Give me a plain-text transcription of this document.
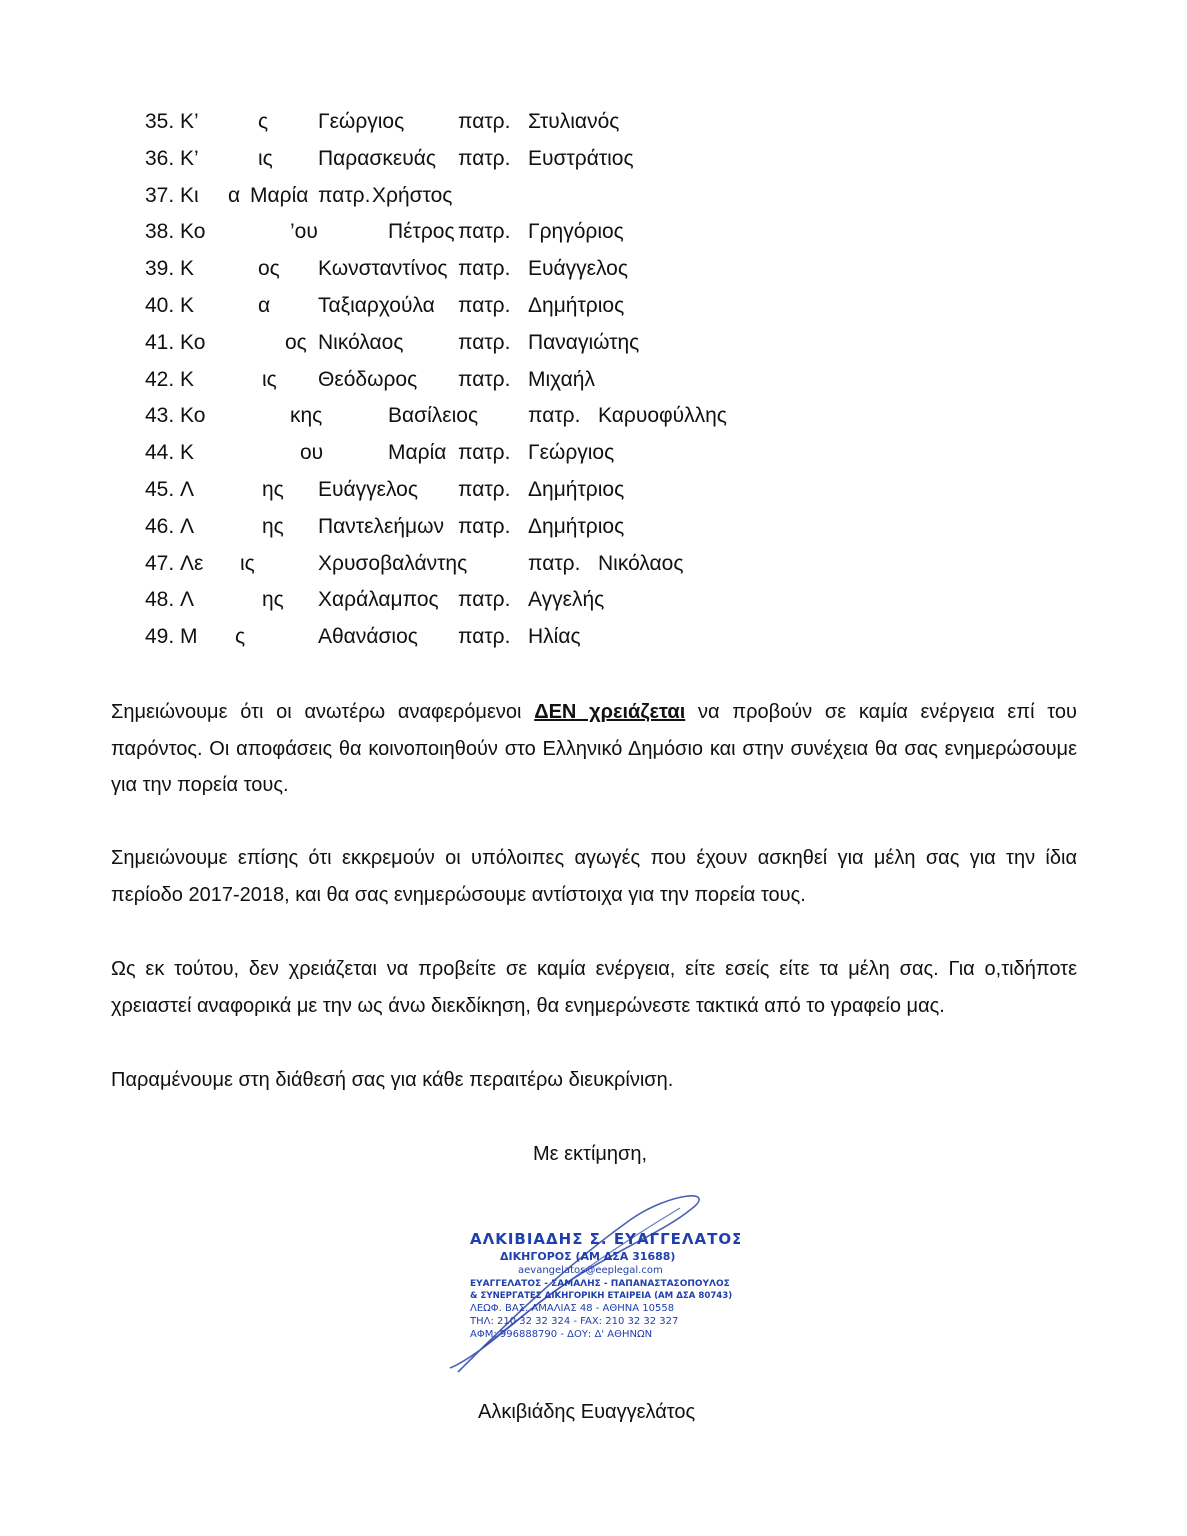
35. Κ’	ς Γεώργιος	πατρ. Στυλιανός
36. Κ’	ις Παρασκευάς πατρ. Ευστράτιος
37. Κι α Μαρία πατρ. Χρήστος
38. Κο	’ου	Πέτρος πατρ. Γρηγόριος
39. Κ	ος Κωνσταντίνος πατρ. Ευάγγελος
40. Κ	α Ταξιαρχούλα πατρ. Δημήτριος
41. Κο	ος Νικόλαος	πατρ. Παναγιώτης
42. Κ	ις Θεόδωρος πατρ. Μιχαήλ
43. Κο	κης	Βασίλειος πατρ. Καρυοφύλλης
44. Κ	ου	Μαρία πατρ. Γεώργιος
45. Λ	ης Ευάγγελος πατρ. Δημήτριος
46. Λ	ης Παντελεήμων πατρ. Δημήτριος
47. Λε ις	Χρυσοβαλάντης	πατρ. Νικόλαος
48. Λ	ης Χαράλαμπος πατρ. Αγγελής
49. Μ ς	Αθανάσιος πατρ. Ηλίας

Σημειώνουμε ότι οι ανωτέρω αναφερόμενοι ΔΕΝ χρειάζεται να προβούν σε καμία ενέργεια επί του παρόντος. Οι αποφάσεις θα κοινοποιηθούν στο Ελληνικό Δημόσιο και στην συνέχεια θα σας ενημερώσουμε για την πορεία τους.

Σημειώνουμε επίσης ότι εκκρεμούν οι υπόλοιπες αγωγές που έχουν ασκηθεί για μέλη σας για την ίδια περίοδο 2017-2018, και θα σας ενημερώσουμε αντίστοιχα για την πορεία τους.

Ως εκ τούτου, δεν χρειάζεται να προβείτε σε καμία ενέργεια, είτε εσείς είτε τα μέλη σας. Για ο,τιδήποτε χρειαστεί αναφορικά με την ως άνω διεκδίκηση, θα ενημερώνεστε τακτικά από το γραφείο μας.

Παραμένουμε στη διάθεσή σας για κάθε περαιτέρω διευκρίνιση.

Με εκτίμηση,
ΑΛΚΙΒΙΑΔΗΣ Σ. ΕΥΑΓΓΕΛΑΤΟΣ
ΔΙΚΗΓΟΡΟΣ (ΑΜ ΔΣΑ 31688)
aevangelatos@eeplegal.com
ΕΥΑΓΓΕΛΑΤΟΣ - ΣΑΜΑΛΗΣ - ΠΑΠΑΝΑΣΤΑΣΟΠΟΥΛΟΣ
& ΣΥΝΕΡΓΑΤΕΣ ΔΙΚΗΓΟΡΙΚΗ ΕΤΑΙΡΕΙΑ (ΑΜ ΔΣΑ 80743)
ΛΕΩΦ. ΒΑΣ. ΑΜΑΛΙΑΣ 48 - ΑΘΗΝΑ 10558
ΤΗΛ: 210 32 32 324 - FAX: 210 32 32 327
ΑΦΜ: 996888790 - ΔΟΥ: Δ' ΑΘΗΝΩΝ
Αλκιβιάδης Ευαγγελάτος
